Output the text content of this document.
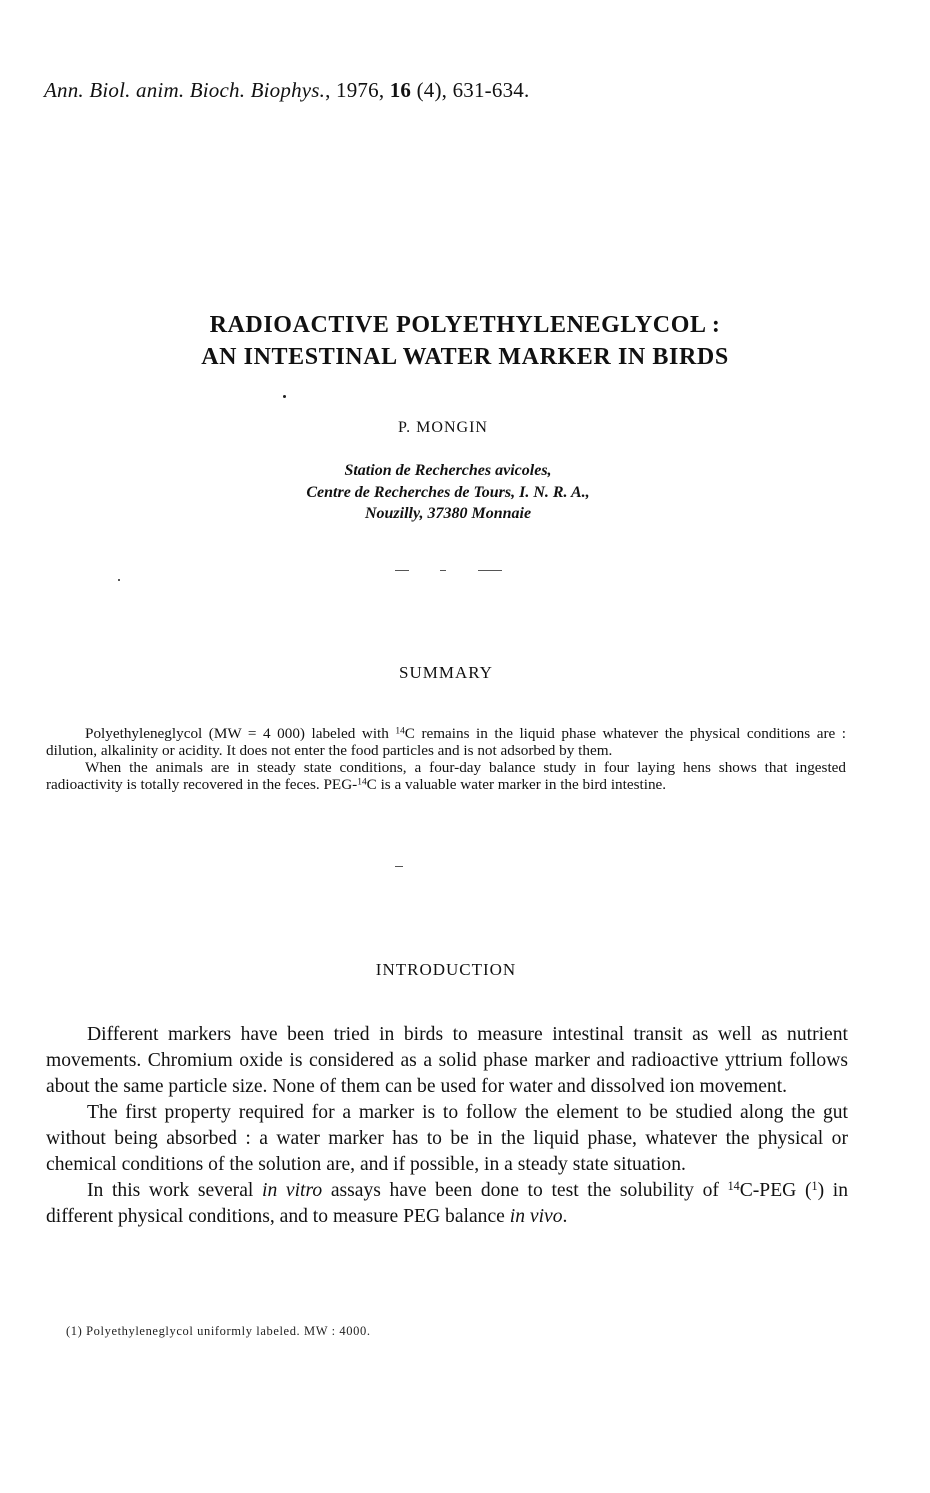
Ann. Biol. anim. Bioch. Biophys., 1976, 16 (4), 631-634.
RADIOACTIVE POLYETHYLENEGLYCOL :
AN INTESTINAL WATER MARKER IN BIRDS
P. MONGIN
Station de Recherches avicoles,
Centre de Recherches de Tours, I. N. R. A.,
Nouzilly, 37380 Monnaie
SUMMARY

Polyethyleneglycol (MW = 4 000) labeled with $^{14}$C remains in the liquid phase whatever the physical conditions are : dilution, alkalinity or acidity. It does not enter the food particles and is not adsorbed by them.

When the animals are in steady state conditions, a four-day balance study in four laying hens shows that ingested radioactivity is totally recovered in the feces. PEG-$^{14}$C is a valuable water marker in the bird intestine.

INTRODUCTION

Different markers have been tried in birds to measure intestinal transit as well as nutrient movements. Chromium oxide is considered as a solid phase marker and radioactive yttrium follows about the same particle size. None of them can be used for water and dissolved ion movement.

The first property required for a marker is to follow the element to be studied along the gut without being absorbed : a water marker has to be in the liquid phase, whatever the physical or chemical conditions of the solution are, and if possible, in a steady state situation.

In this work several in vitro assays have been done to test the solubility of $^{14}$C-PEG ($^1$) in different physical conditions, and to measure PEG balance in vivo.

(1) Polyethyleneglycol uniformly labeled. MW : 4000.
